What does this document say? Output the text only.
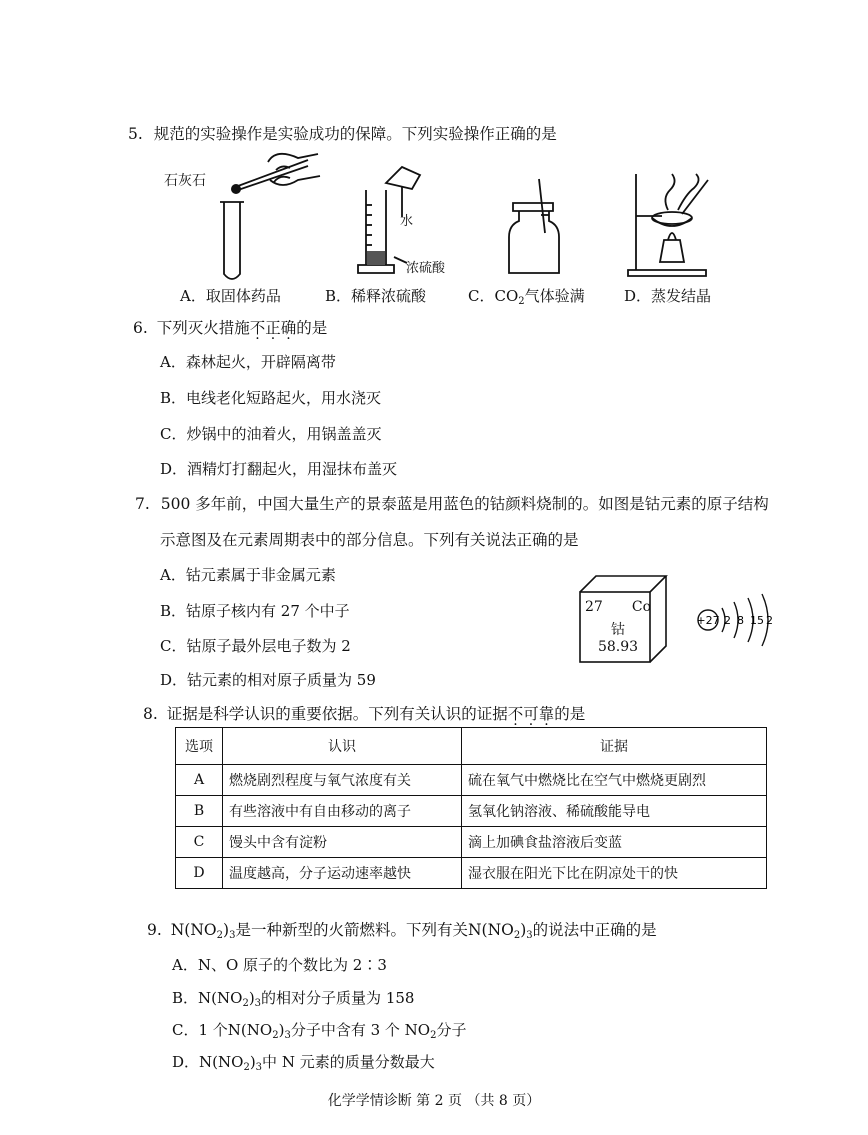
5. 规范的实验操作是实验成功的保障。下列实验操作正确的是
石灰石
水
浓硫酸
A．取固体药品	B．稀释浓硫酸	C．$CO_2$气体验满	D．蒸发结晶
6. 下列灭火措施不正确的是
A．森林起火，开辟隔离带
B．电线老化短路起火，用水浇灭
C．炒锅中的油着火，用锅盖盖灭
D．酒精灯打翻起火，用湿抹布盖灭
7. 500 多年前，中国大量生产的景泰蓝是用蓝色的钴颜料烧制的。如图是钴元素的原子结构
示意图及在元素周期表中的部分信息。下列有关说法正确的是
A．钴元素属于非金属元素
B．钴原子核内有 27 个中子
C．钴原子最外层电子数为 2
D．钴元素的相对原子质量为 59
27 Co
钴
58.93
+27 2 8 15 2
8. 证据是科学认识的重要依据。下列有关认识的证据不可靠的是
选项	认识	证据
A	燃烧剧烈程度与氧气浓度有关	硫在氧气中燃烧比在空气中燃烧更剧烈
B	有些溶液中有自由移动的离子	氢氧化钠溶液、稀硫酸能导电
C	馒头中含有淀粉	滴上加碘食盐溶液后变蓝
D	温度越高，分子运动速率越快	湿衣服在阳光下比在阴凉处干的快
9. $N(NO_2)_3$是一种新型的火箭燃料。下列有关$N(NO_2)_3$的说法中正确的是
A．N、O 原子的个数比为 2∶3
B．$N(NO_2)_3$的相对分子质量为 158
C．1 个$N(NO_2)_3$分子中含有 3 个 $NO_2$分子
D．$N(NO_2)_3$中 N 元素的质量分数最大
化学学情诊断 第 2 页 （共 8 页）
